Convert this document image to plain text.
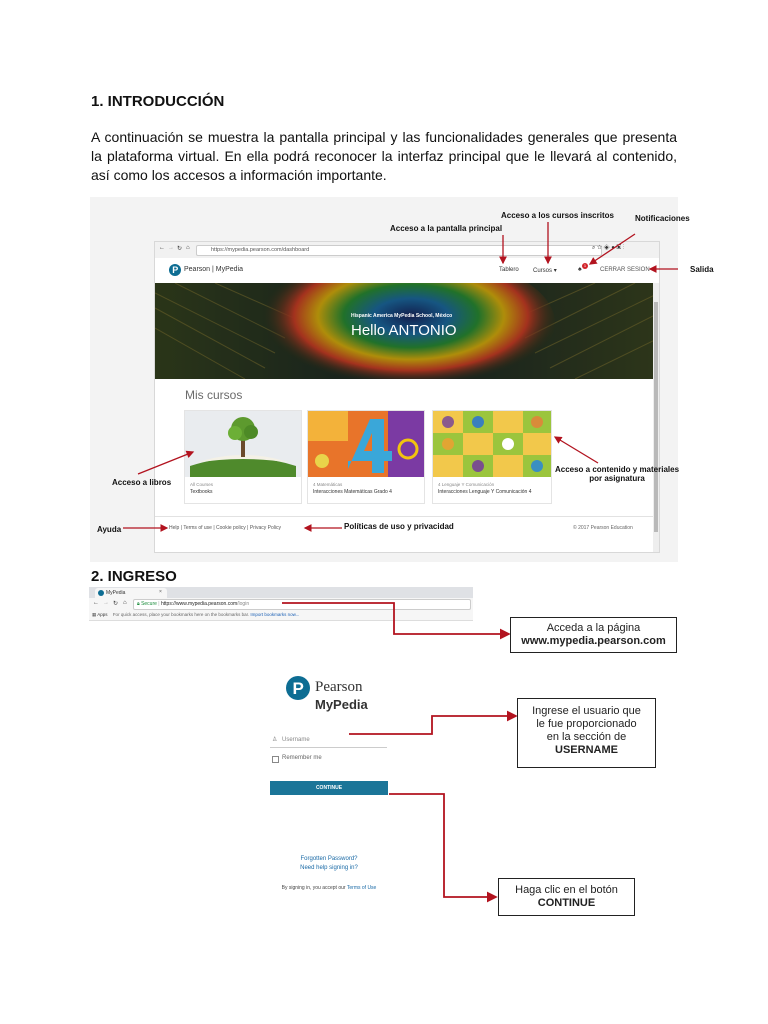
1. INTRODUCCIÓN
A continuación se muestra la pantalla principal y las funcionalidades generales que presenta la plataforma virtual. En ella podrá reconocer la interfaz principal que le llevará al contenido, así como los accesos a información importante.
← → ↻ ⌂	https://mypedia.pearson.com/dashboard	⌕ ☆ ◈ ● ▣ ⋮
P Pearson | MyPedia	Tablero Cursos ▾	♠
1
CERRAR SESION
Hispanic America MyPedia School, México
Hello ANTONIO
Mis cursos
All Courses
Textbooks
4 Matemáticas
Interacciones Matemáticas Grado 4
4 Lenguaje Y Comunicación
Interacciones Lenguaje Y Comunicación 4
Help | Terms of use | Cookie policy | Privacy Policy	© 2017 Pearson Education
Acceso a la pantalla principal
Acceso a los cursos inscritos	Notificaciones
Salida
Acceso a libros
Acceso a contenido y materiales
por asignatura
Ayuda	Políticas de uso y privacidad
2. INGRESO
MyPedia	×
← → ↻ ⌂	🔒︎ Secure | https://www.mypedia.pearson.com/login
▦ Apps For quick access, place your bookmarks here on the bookmarks bar. Import bookmarks now...
P Pearson
MyPedia
♙ Username
Remember me
CONTINUE
Forgotten Password?
Need help signing in?
By signing in, you accept our Terms of Use
Acceda a la página
www.mypedia.pearson.com
Ingrese el usuario que
le fue proporcionado
en la sección de
USERNAME
Haga clic en el botón
CONTINUE
